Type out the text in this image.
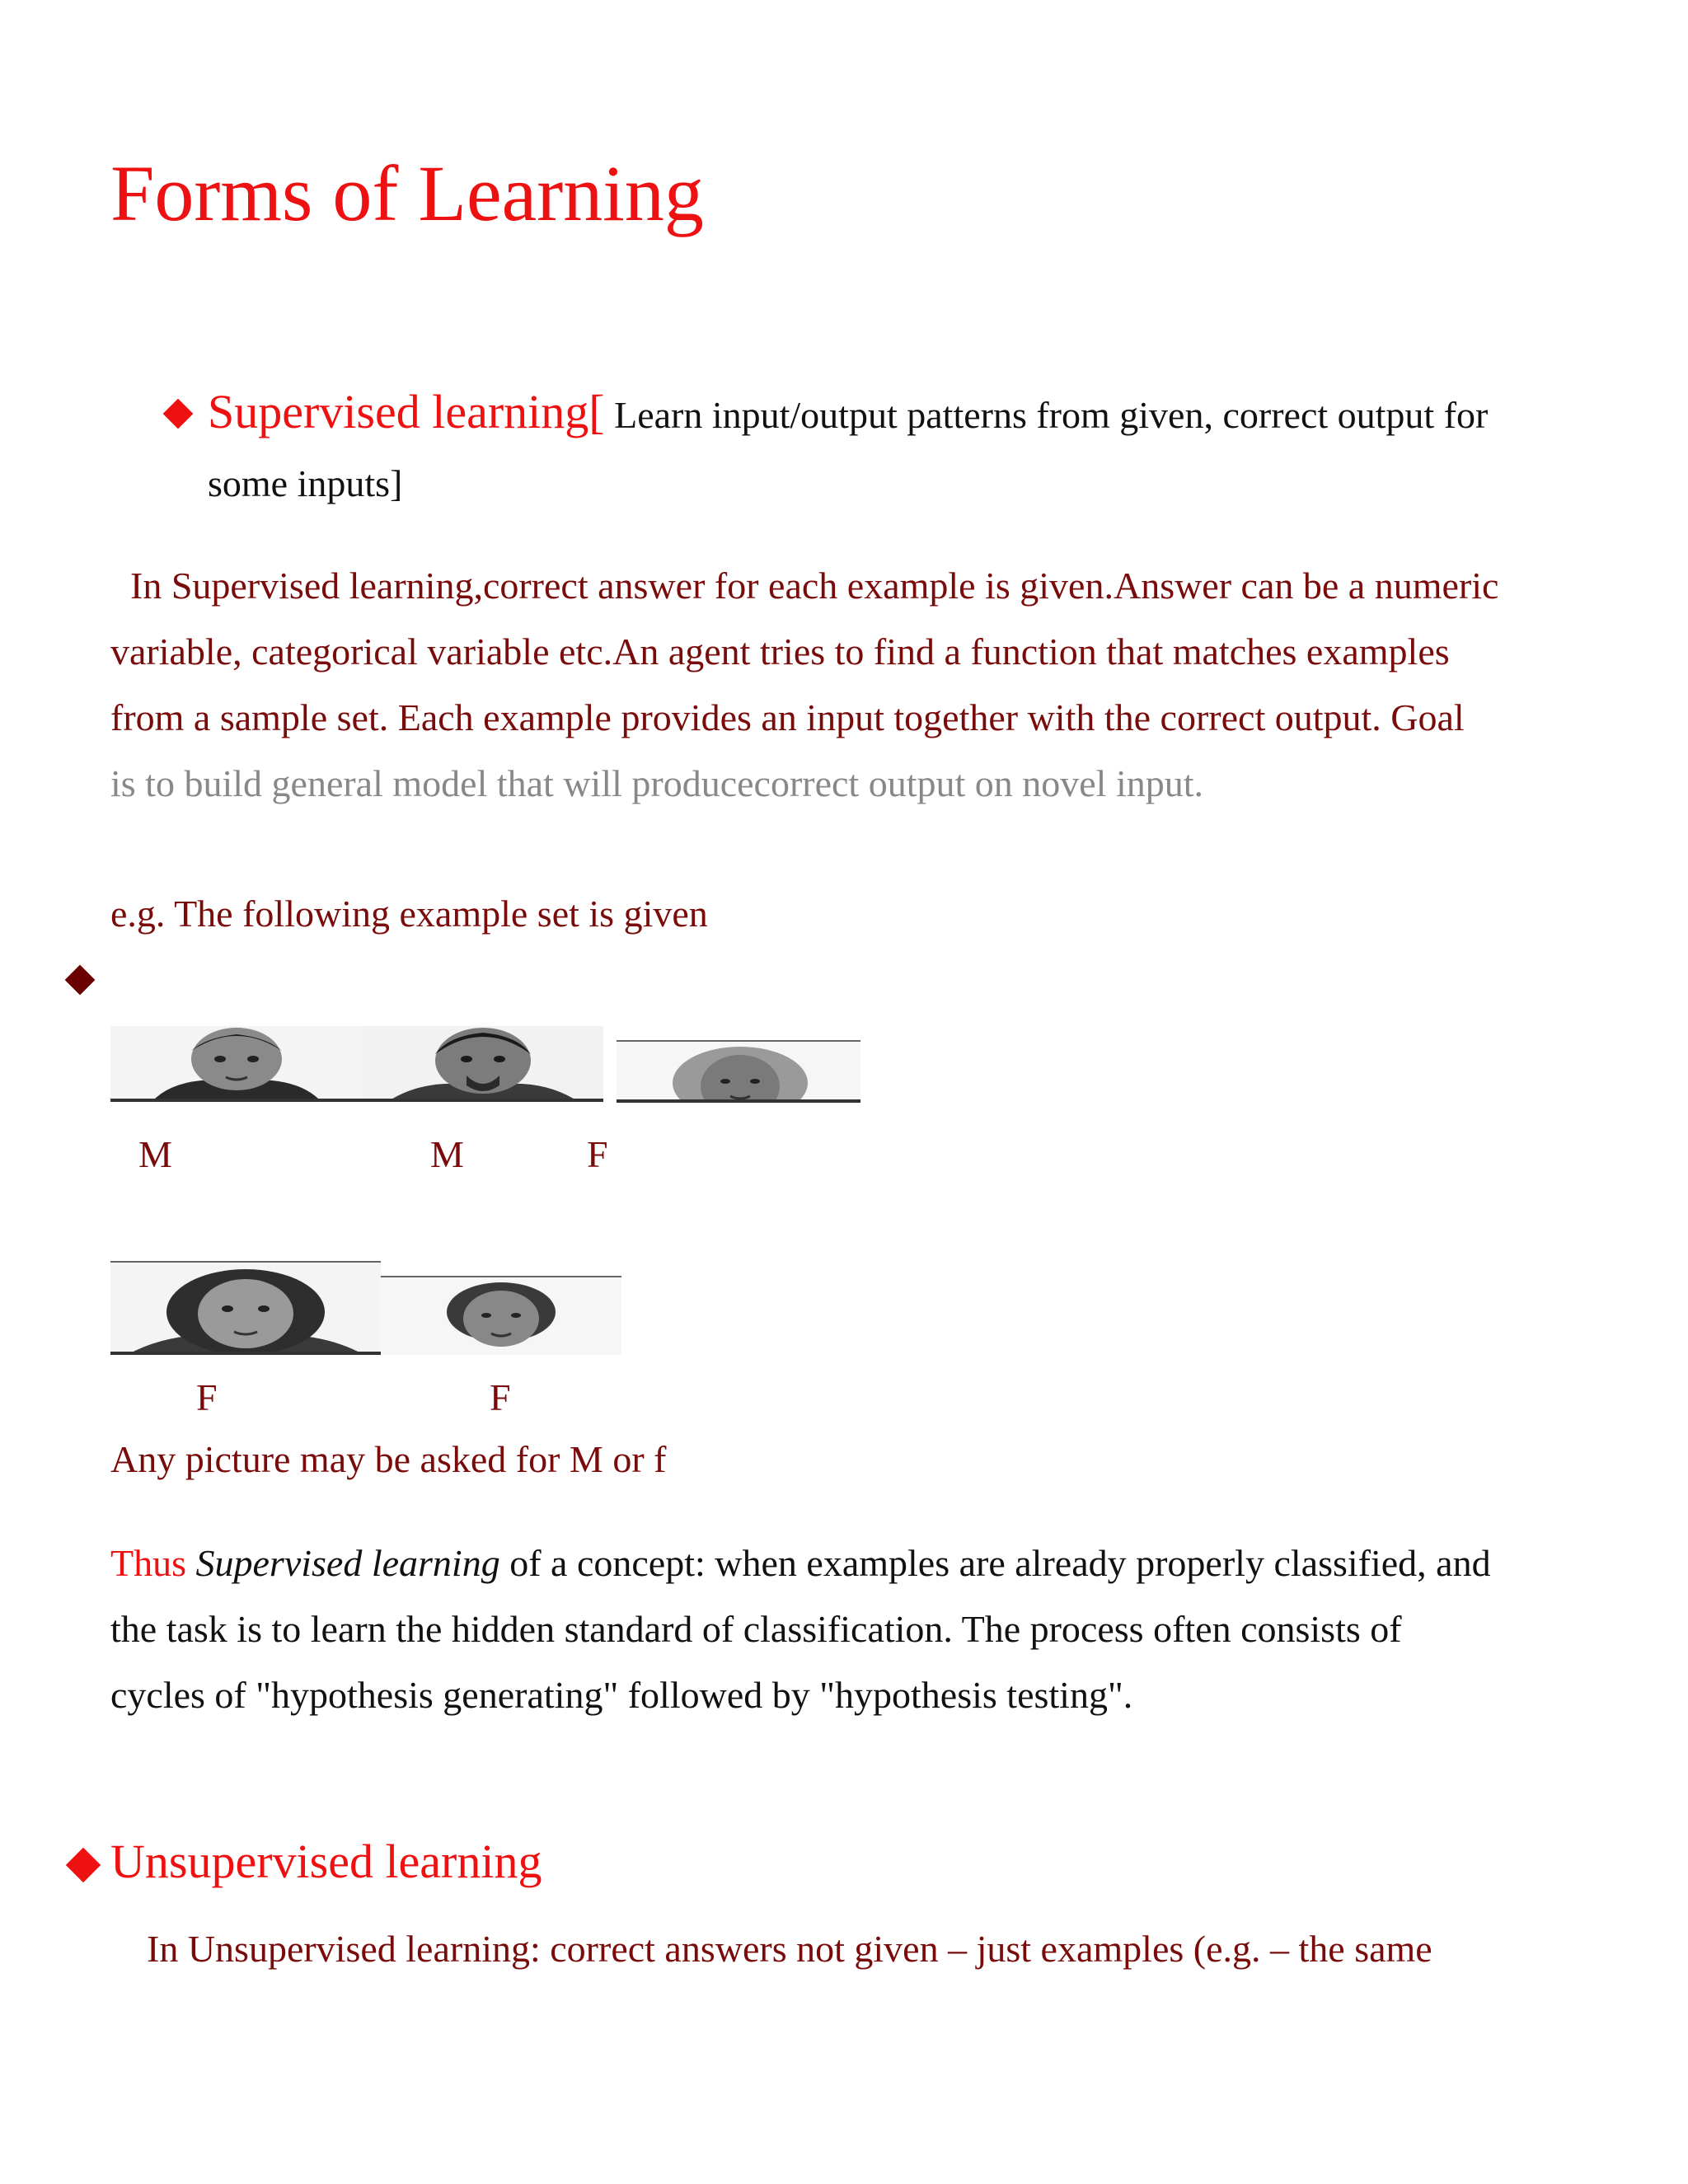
Forms of Learning
Supervised learning[ Learn input/output patterns from given, correct output for
some inputs]
In Supervised learning,correct answer for each example is given.Answer can be a numeric
variable, categorical variable etc.An agent tries to find a function that matches examples
from a sample set. Each example provides an input together with the correct output. Goal
is to build general model that will producecorrect output on novel input.
e.g. The following example set is given
M	M	F
F	F
Any picture may be asked for M or f
Thus Supervised learning of a concept: when examples are already properly classified, and
the task is to learn the hidden standard of classification. The process often consists of
cycles of "hypothesis generating" followed by "hypothesis testing".
Unsupervised learning
In Unsupervised learning: correct answers not given – just examples (e.g. – the same
